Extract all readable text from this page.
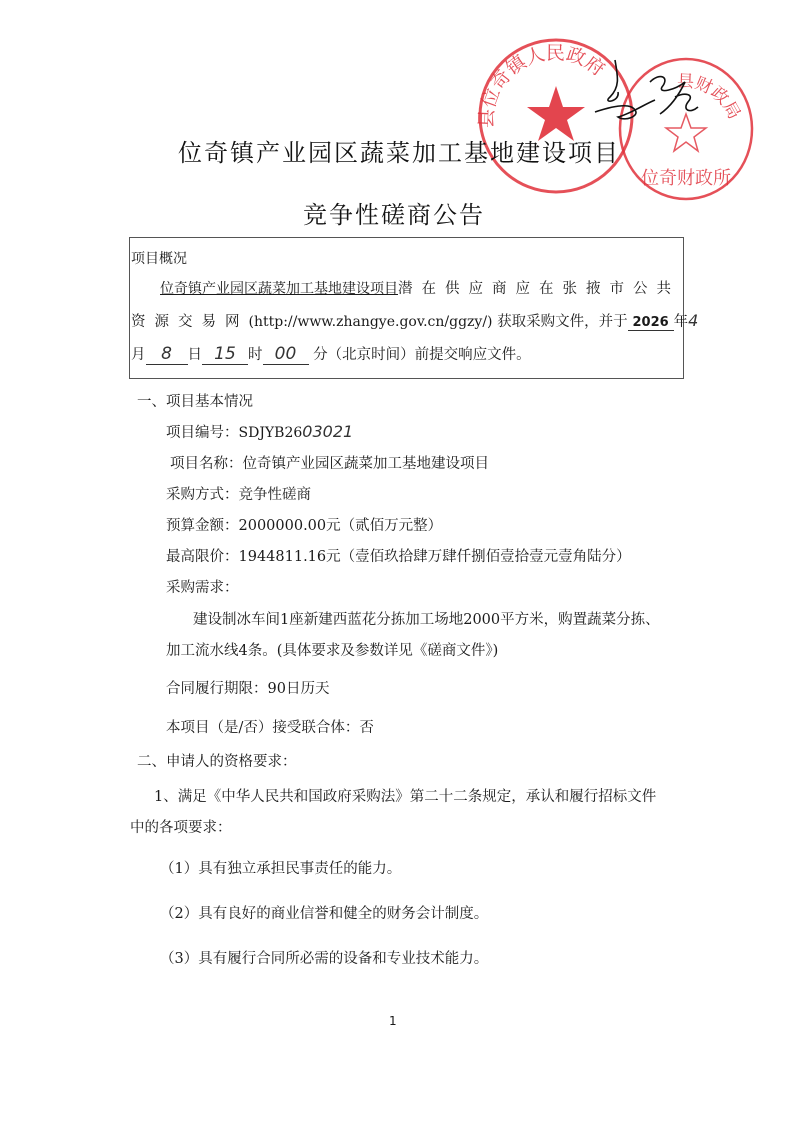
县位奇镇人民政府
县财政局
位奇财政所
位奇镇产业园区蔬菜加工基地建设项目
竞争性磋商公告
项目概况
位奇镇产业园区蔬菜加工基地建设项目潜在供应商应在张掖市公共
资源交易网(http://www.zhangye.gov.cn/ggzy/) 获取采购文件，并于 2026 年4
月 8 日 15 时 00 分（北京时间）前提交响应文件。
一、项目基本情况
项目编号：SDJYB2603021
项目名称：位奇镇产业园区蔬菜加工基地建设项目
采购方式：竞争性磋商
预算金额：2000000.00元（贰佰万元整）
最高限价：1944811.16元（壹佰玖拾肆万肆仟捌佰壹拾壹元壹角陆分）
采购需求：
建设制冰车间1座新建西蓝花分拣加工场地2000平方米，购置蔬菜分拣、
加工流水线4条。(具体要求及参数详见《磋商文件》)
合同履行期限：90日历天
本项目（是/否）接受联合体：否
二、申请人的资格要求：
1、满足《中华人民共和国政府采购法》第二十二条规定，承认和履行招标文件
中的各项要求：
（1）具有独立承担民事责任的能力。
（2）具有良好的商业信誉和健全的财务会计制度。
（3）具有履行合同所必需的设备和专业技术能力。
1
